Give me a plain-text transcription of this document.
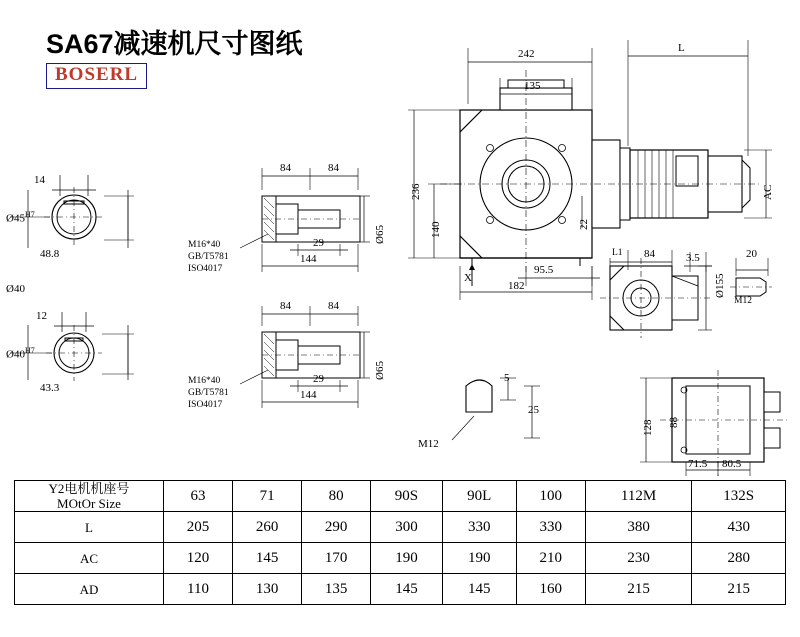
SA67减速机尺寸图纸
BOSERL
14
$Ø45^{H7}$
48.8
Ø40
12
$Ø40^{H7}$
43.3
84	84
29
144
Ø65
M16*40
GB/T5781
ISO4017
84	84
29
144
Ø65
M16*40
GB/T5781
ISO4017
242	L
135
236
140	22
AC
95.5
182
X
L1 84	3.5	20
Ø155
M12
128 88
71.5 80.5
5
25
M12
Y2电机机座号
MOtOr Size	63	71	80	90S	90L	100	112M	132S
L	205	260	290	300	330	330	380	430
AC	120	145	170	190	190	210	230	280
AD	110	130	135	145	145	160	215	215
